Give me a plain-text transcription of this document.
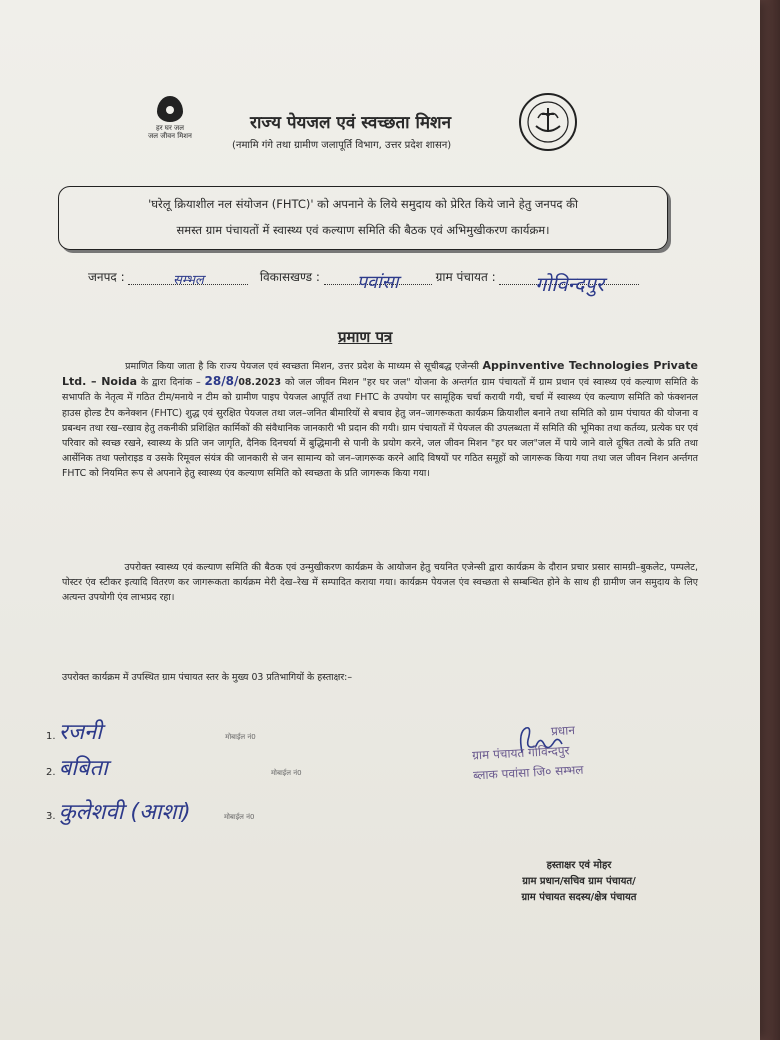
हर घर जल
जल जीवन मिशन
राज्य पेयजल एवं स्वच्छता मिशन
(नमामि गंगे तथा ग्रामीण जलापूर्ति विभाग, उत्तर प्रदेश शासन)
'घरेलू क्रियाशील नल संयोजन (FHTC)' को अपनाने के लिये समुदाय को प्रेरित किये जाने हेतु जनपद की
समस्त ग्राम पंचायतों में स्वास्थ्य एवं कल्याण समिति की बैठक एवं अभिमुखीकरण कार्यक्रम।
जनपद :	सम्भल	विकासखण्ड : पवांसा	ग्राम पंचायत : गोविन्दपुर
प्रमाण पत्र
प्रमाणित किया जाता है कि राज्य पेयजल एवं स्वच्छता मिशन, उत्तर प्रदेश के माध्यम से सूचीबद्ध एजेन्सी Appinventive Technologies Private Ltd. – Noida के द्वारा दिनांक – 28/8/08.2023 को जल जीवन मिशन "हर घर जल" योजना के अन्तर्गत ग्राम पंचायतों में ग्राम प्रधान एवं स्वास्थ्य एवं कल्याण समिति के सभापति के नेतृत्व में गठित टीम/मनाये न टीम को ग्रामीण पाइप पेयजल आपूर्ति तथा FHTC के उपयोग पर सामूहिक चर्चा करायी गयी, चर्चा में स्वास्थ्य एंव कल्याण समिति को फंक्शनल हाउस होल्ड टैप कनेक्शन (FHTC) शुद्ध एवं सुरक्षित पेयजल तथा जल–जनित बीमारियों से बचाव हेतु जन–जागरूकता कार्यक्रम क्रियाशील बनाने तथा समिति को ग्राम पंचायत की योजना व प्रबन्धन तथा रख–रखाव हेतु तकनीकी प्रशिक्षित कार्मिकों की संवैधानिक जानकारी भी प्रदान की गयी। ग्राम पंचायतों में पेयजल की उपलब्धता में समिति की भूमिका तथा कर्तव्य, प्रत्येक घर एवं परिवार को स्वच्छ रखने, स्वास्थ्य के प्रति जन जागृति, दैनिक दिनचर्या में बुद्धिमानी से पानी के प्रयोग करने, जल जीवन मिशन "हर घर जल"जल में पाये जाने वाले दूषित तत्वो के प्रति तथा आर्सेनिक तथा फ्लोराइड व उसके रिमूवल संयंत्र की जानकारी से जन सामान्य को जन–जागरूक करने आदि विषयों पर गठित समूहों को जागरूक किया गया तथा जल जीवन निशन अर्न्तगत FHTC को नियमित रूप से अपनाने हेतु स्वास्थ्य एंव कल्याण समिति को स्वच्छता के प्रति जागरूक किया गया।
उपरोक्त स्वास्थ्य एवं कल्याण समिति की बैठक एवं उन्मुखीकरण कार्यक्रम के आयोजन हेतु चयनित एजेन्सी द्वारा कार्यक्रम के दौरान प्रचार प्रसार सामग्री–बुकलेट, पम्पलेट, पोस्टर एंव स्टीकर इत्यादि वितरण कर जागरूकता कार्यक्रम मेरी देख–रेख में सम्पादित कराया गया। कार्यक्रम पेयजल एंव स्वच्छता से सम्बन्धित होने के साथ ही ग्रामीण जन समुदाय के लिए अत्यन्त उपयोगी एंव लाभप्रद रहा।
उपरोक्त कार्यक्रम में उपस्थित ग्राम पंचायत स्तर के मुख्य 03 प्रतिभागियों के हस्ताक्षर:–
1. रजनी	मोबाईल नं0
2. बबिता	मोबाईल नं0
3. कुलेशवी (आशा)	मोबाईल नं0
प्रधान
ग्राम पंचायत गोविन्दपुर
ब्लाक पवांसा जि० सम्भल
हस्ताक्षर एवं मोहर
ग्राम प्रधान/सचिव ग्राम पंचायत/
ग्राम पंचायत सदस्य/क्षेत्र पंचायत
